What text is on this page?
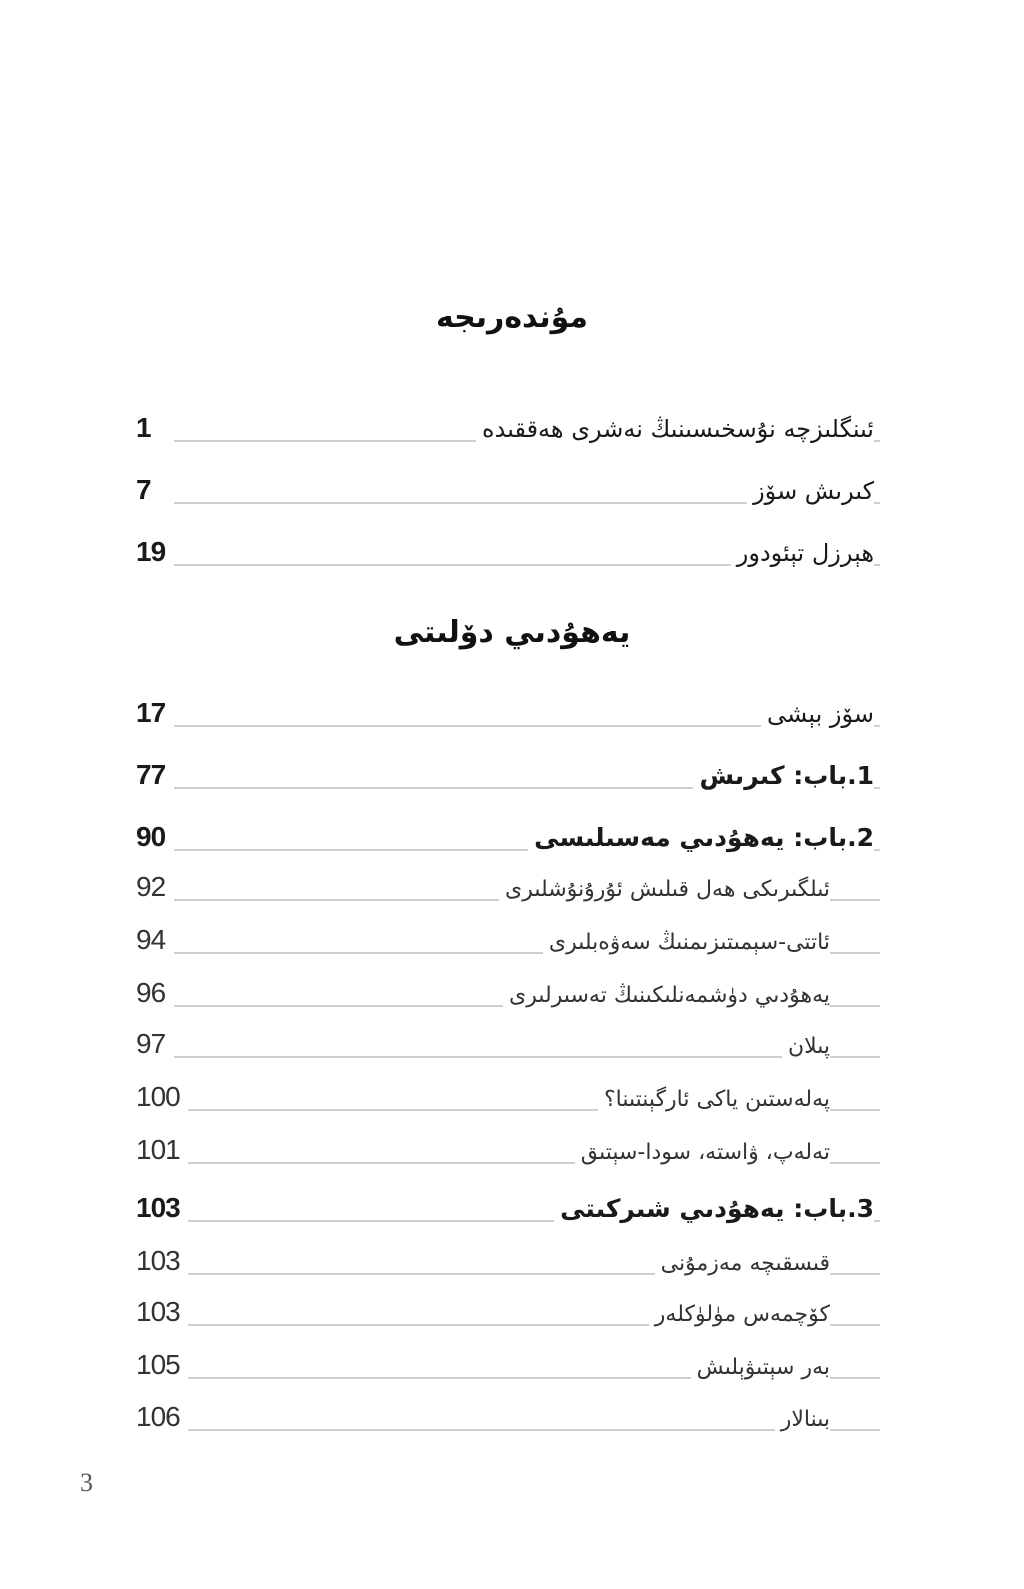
مۇندەرىجە
1	ئىنگلىزچە نۇسخىسىنىڭ نەشرى ھەققىدە
7	كىرىش سۆز
19	ھېرزل تېئودور
يەھۇدىي دۆلىتى
17	سۆز بېشى
77	1.باب: كىرىش
90	2.باب: يەھۇدىي مەسىلىسى
92	ئىلگىرىكى ھەل قىلىش ئۇرۇنۇشلىرى
94	ئاتتى-سېمىتىزىمنىڭ سەۋەبلىرى
96	يەھۇدىي دۈشمەنلىكىنىڭ تەسىرلىرى
97	پىلان
100	پەلەستىن ياكى ئارگېنتىنا؟
101	تەلەپ، ۋاستە، سودا-سېتىق
103	3.باب: يەھۇدىي شىركىتى
103	قىسقىچە مەزمۇنى
103	كۆچمەس مۈلۈكلەر
105	بەر سېتىۋېلىش
106	بىنالار
3
